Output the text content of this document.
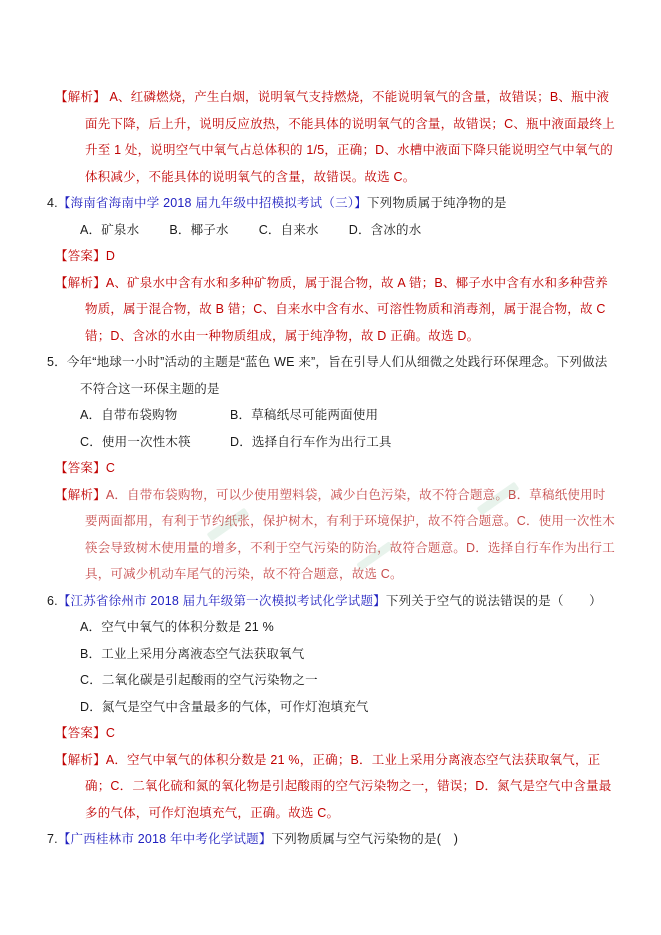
【解析】 A、红磷燃烧，产生白烟，说明氧气支持燃烧，不能说明氧气的含量，故错误；B、瓶中液面先下降，后上升，说明反应放热，不能具体的说明氧气的含量，故错误；C、瓶中液面最终上升至 1 处，说明空气中氧气占总体积的 1/5，正确；D、水槽中液面下降只能说明空气中氧气的体积减少，不能具体的说明氧气的含量，故错误。故选 C。

4.【海南省海南中学 2018 届九年级中招模拟考试（三）】下列物质属于纯净物的是

A．矿泉水 B．椰子水 C．自来水 D．含冰的水

【答案】D

【解析】A、矿泉水中含有水和多种矿物质，属于混合物，故 A 错；B、椰子水中含有水和多种营养物质，属于混合物，故 B 错；C、自来水中含有水、可溶性物质和消毒剂，属于混合物，故 C 错；D、含冰的水由一种物质组成，属于纯净物，故 D 正确。故选 D。

5．今年“地球一小时”活动的主题是“蓝色 WE 来”，旨在引导人们从细微之处践行环保理念。下列做法不符合这一环保主题的是

A．自带布袋购物	B．草稿纸尽可能两面使用
C．使用一次性木筷	D．选择自行车作为出行工具

【答案】C

【解析】A．自带布袋购物，可以少使用塑料袋，减少白色污染，故不符合题意。B．草稿纸使用时要两面都用，有利于节约纸张，保护树木，有利于环境保护，故不符合题意。C．使用一次性木筷会导致树木使用量的增多，不利于空气污染的防治，故符合题意。D．选择自行车作为出行工具，可减少机动车尾气的污染，故不符合题意，故选 C。

6.【江苏省徐州市 2018 届九年级第一次模拟考试化学试题】下列关于空气的说法错误的是（　　）

A．空气中氧气的体积分数是 21 %

B．工业上采用分离液态空气法获取氧气

C．二氧化碳是引起酸雨的空气污染物之一

D．氮气是空气中含量最多的气体，可作灯泡填充气

【答案】C

【解析】A．空气中氧气的体积分数是 21 %，正确；B．工业上采用分离液态空气法获取氧气，正确；C．二氧化硫和氮的氧化物是引起酸雨的空气污染物之一，错误；D．氮气是空气中含量最多的气体，可作灯泡填充气，正确。故选 C。

7.【广西桂林市 2018 年中考化学试题】下列物质属与空气污染物的是(　)
